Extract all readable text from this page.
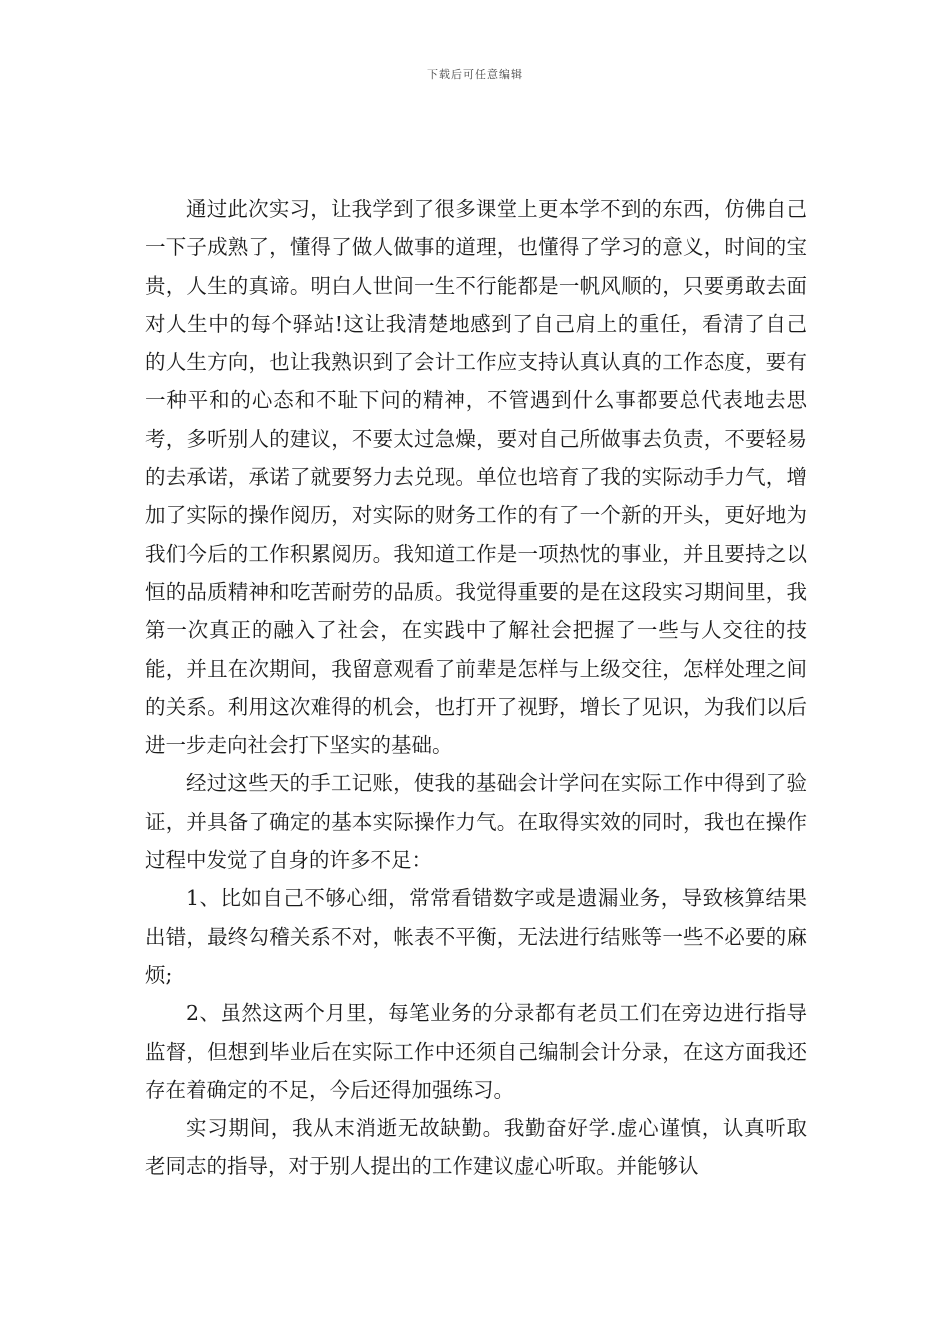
下载后可任意编辑

通过此次实习，让我学到了很多课堂上更本学不到的东西，仿佛自己一下子成熟了，懂得了做人做事的道理，也懂得了学习的意义，时间的宝贵，人生的真谛。明白人世间一生不行能都是一帆风顺的，只要勇敢去面对人生中的每个驿站!这让我清楚地感到了自己肩上的重任，看清了自己的人生方向，也让我熟识到了会计工作应支持认真认真的工作态度，要有一种平和的心态和不耻下问的精神，不管遇到什么事都要总代表地去思考，多听别人的建议，不要太过急燥，要对自己所做事去负责，不要轻易的去承诺，承诺了就要努力去兑现。单位也培育了我的实际动手力气，增加了实际的操作阅历，对实际的财务工作的有了一个新的开头，更好地为我们今后的工作积累阅历。我知道工作是一项热忱的事业，并且要持之以恒的品质精神和吃苦耐劳的品质。我觉得重要的是在这段实习期间里，我第一次真正的融入了社会，在实践中了解社会把握了一些与人交往的技能，并且在次期间，我留意观看了前辈是怎样与上级交往，怎样处理之间的关系。利用这次难得的机会，也打开了视野，增长了见识，为我们以后进一步走向社会打下坚实的基础。

经过这些天的手工记账，使我的基础会计学问在实际工作中得到了验证，并具备了确定的基本实际操作力气。在取得实效的同时，我也在操作过程中发觉了自身的许多不足：

1、比如自己不够心细，常常看错数字或是遗漏业务，导致核算结果出错，最终勾稽关系不对，帐表不平衡，无法进行结账等一些不必要的麻烦;

2、虽然这两个月里，每笔业务的分录都有老员工们在旁边进行指导监督，但想到毕业后在实际工作中还须自己编制会计分录，在这方面我还存在着确定的不足，今后还得加强练习。

实习期间，我从末消逝无故缺勤。我勤奋好学.虚心谨慎，认真听取老同志的指导，对于别人提出的工作建议虚心听取。并能够认
